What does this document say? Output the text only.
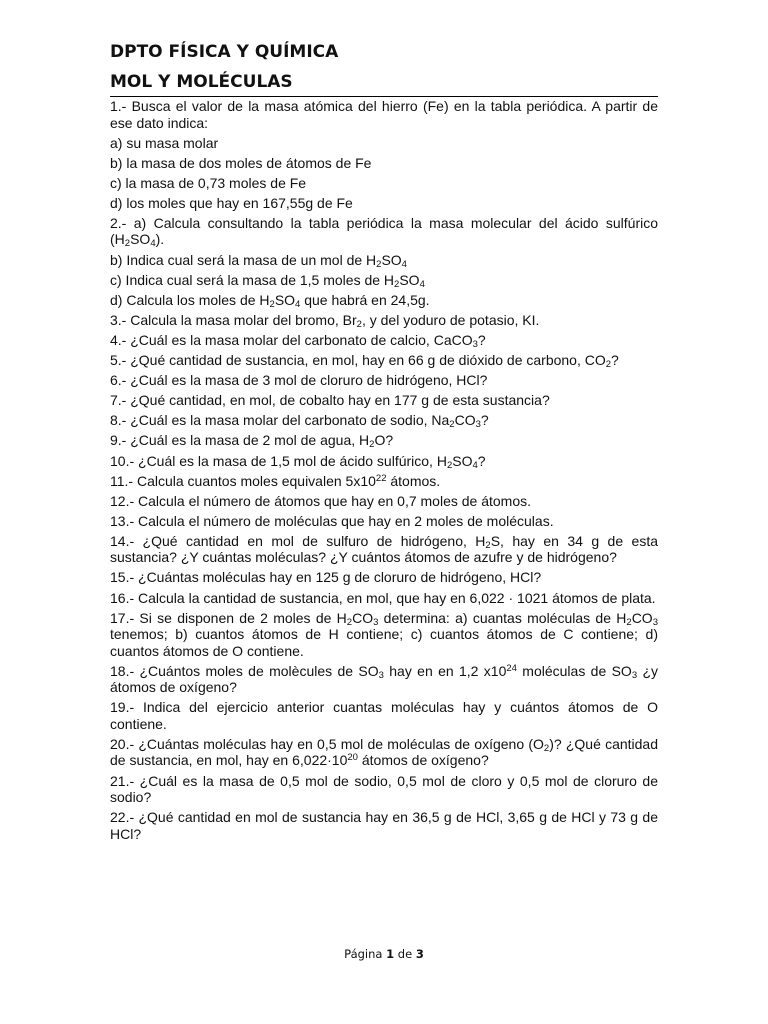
DPTO FÍSICA Y QUÍMICA
MOL Y MOLÉCULAS
1.- Busca el valor de la masa atómica del hierro (Fe) en la tabla periódica. A partir de ese dato indica:
a) su masa molar
b) la masa de dos moles de átomos de Fe
c) la masa de 0,73 moles de Fe
d) los moles que hay en 167,55g de Fe
2.- a) Calcula consultando la tabla periódica la masa molecular del ácido sulfúrico $(H_2SO_4)$.
b) Indica cual será la masa de un mol de $H_2SO_4$
c) Indica cual será la masa de 1,5 moles de $H_2SO_4$
d) Calcula los moles de $H_2SO_4$ que habrá en 24,5g.
3.- Calcula la masa molar del bromo, $Br_2$, y del yoduro de potasio, KI.
4.- ¿Cuál es la masa molar del carbonato de calcio, CaCO$_3$?
5.- ¿Qué cantidad de sustancia, en mol, hay en 66 g de dióxido de carbono, $CO_2$?
6.- ¿Cuál es la masa de 3 mol de cloruro de hidrógeno, HCl?
7.- ¿Qué cantidad, en mol, de cobalto hay en 177 g de esta sustancia?
8.- ¿Cuál es la masa molar del carbonato de sodio, $Na_2CO_3$?
9.- ¿Cuál es la masa de 2 mol de agua, $H_2O$?
10.- ¿Cuál es la masa de 1,5 mol de ácido sulfúrico, $H_2SO_4$?
11.- Calcula cuantos moles equivalen $5x10^{22}$ átomos.
12.- Calcula el número de átomos que hay en 0,7 moles de átomos.
13.- Calcula el número de moléculas que hay en 2 moles de moléculas.
14.- ¿Qué cantidad en mol de sulfuro de hidrógeno, $H_2S$, hay en 34 g de esta sustancia? ¿Y cuántas moléculas? ¿Y cuántos átomos de azufre y de hidrógeno?
15.- ¿Cuántas moléculas hay en 125 g de cloruro de hidrógeno, HCl?
16.- Calcula la cantidad de sustancia, en mol, que hay en 6,022 · 1021 átomos de plata.
17.- Si se disponen de 2 moles de $H_2CO_3$ determina: a) cuantas moléculas de $H_2CO_3$ tenemos; b) cuantos átomos de H contiene; c) cuantos átomos de C contiene; d) cuantos átomos de O contiene.
18.- ¿Cuántos moles de molècules de $SO_3$ hay en en 1,2 $x10^{24}$ moléculas de $SO_3$ ¿y átomos de oxígeno?
19.- Indica del ejercicio anterior cuantas moléculas hay y cuántos átomos de O contiene.
20.- ¿Cuántas moléculas hay en 0,5 mol de moléculas de oxígeno $(O_2)$? ¿Qué cantidad de sustancia, en mol, hay en $6,022\cdot 10^{20}$ átomos de oxígeno?
21.- ¿Cuál es la masa de 0,5 mol de sodio, 0,5 mol de cloro y 0,5 mol de cloruro de sodio?
22.- ¿Qué cantidad en mol de sustancia hay en 36,5 g de HCl, 3,65 g de HCl y 73 g de HCl?
Página 1 de 3
